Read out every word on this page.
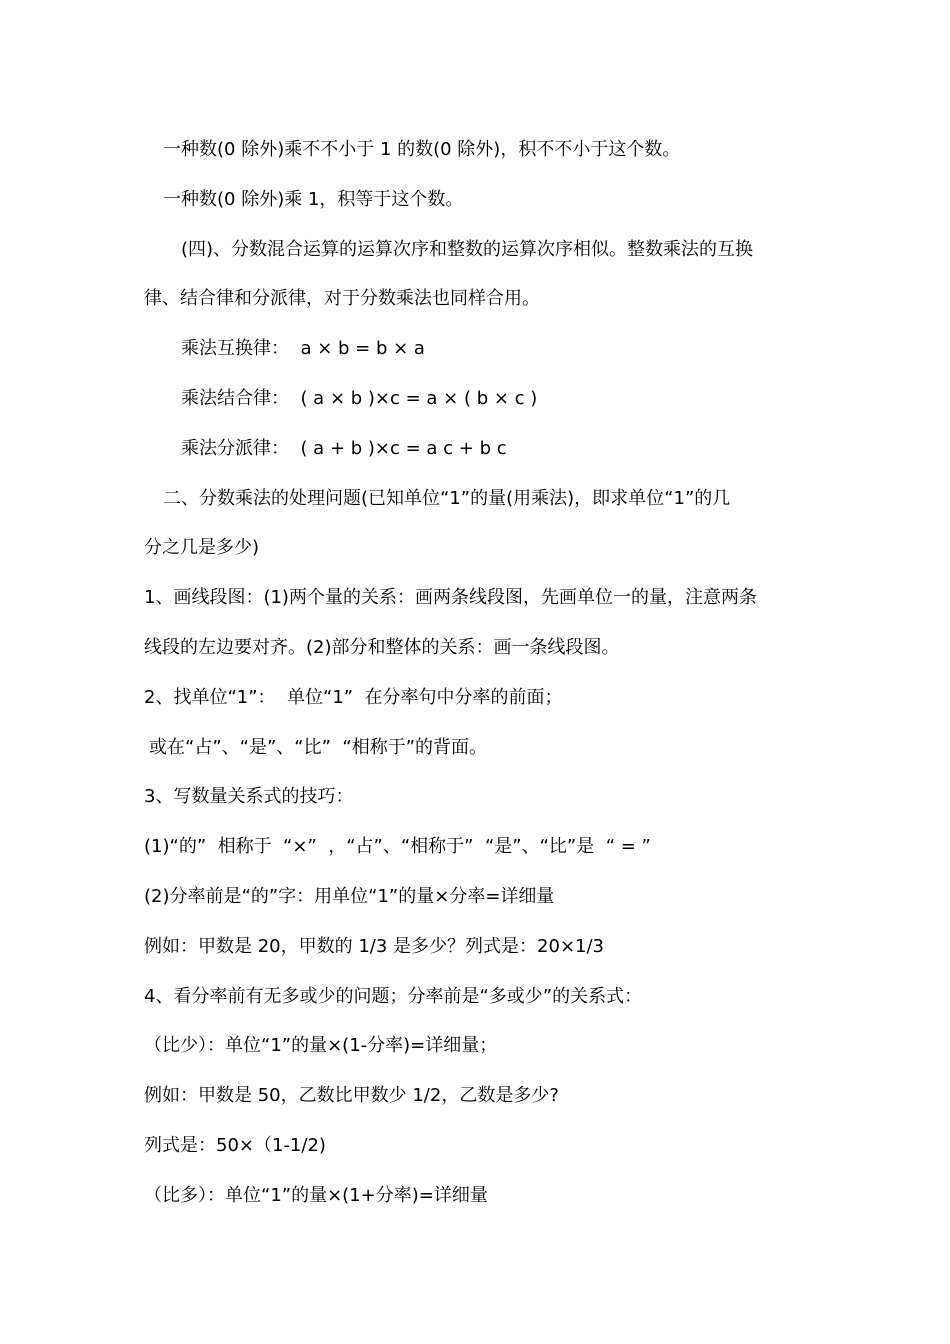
一种数(0 除外)乘不不小于 1 的数(0 除外)，积不不小于这个数。
一种数(0 除外)乘 1，积等于这个数。
(四)、分数混合运算的运算次序和整数的运算次序相似。整数乘法的互换
律、结合律和分派律，对于分数乘法也同样合用。
乘法互换律：  a × b = b × a
乘法结合律：  ( a × b )×c = a × ( b × c )
乘法分派律：  ( a + b )×c = a c + b c
二、分数乘法的处理问题(已知单位“1”的量(用乘法)，即求单位“1”的几
分之几是多少)
1、画线段图：(1)两个量的关系：画两条线段图，先画单位一的量，注意两条
线段的左边要对齐。(2)部分和整体的关系：画一条线段图。
2、找单位“1”：  单位“1”  在分率句中分率的前面；
或在“占”、“是”、“比”  “相称于”的背面。
3、写数量关系式的技巧：
(1)“的”  相称于  “×”  ，“占”、“相称于”  “是”、“比”是  “ = ”
(2)分率前是“的”字：用单位“1”的量×分率=详细量
例如：甲数是 20，甲数的 1/3 是多少？列式是：20×1/3
4、看分率前有无多或少的问题；分率前是“多或少”的关系式：
（比少）：单位“1”的量×(1-分率)=详细量；
例如：甲数是 50，乙数比甲数少 1/2，乙数是多少?
列式是：50×（1-1/2)
（比多）：单位“1”的量×(1+分率)=详细量
